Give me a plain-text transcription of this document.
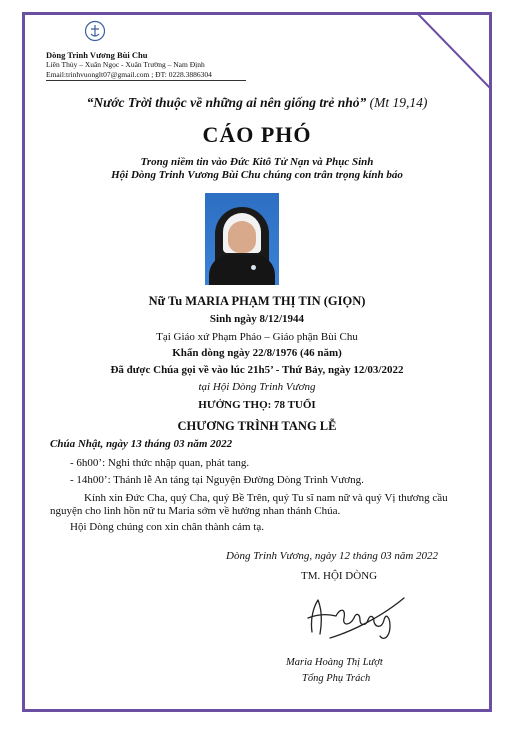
Dòng Trinh Vương Bùi Chu
Liên Thủy – Xuân Ngọc - Xuân Trường – Nam Định
Email:trinhvuonglt07@gmail.com ; ĐT: 0228.3886304
“Nước Trời thuộc về những ai nên giống trẻ nhỏ” (Mt 19,14)
CÁO PHÓ
Trong niềm tin vào Đức Kitô Tử Nạn và Phục Sinh
Hội Dòng Trinh Vương Bùi Chu chúng con trân trọng kính báo
Nữ Tu MARIA PHẠM THỊ TIN (GIỌN)
Sinh ngày 8/12/1944
Tại Giáo xứ Phạm Pháo – Giáo phận Bùi Chu
Khấn dòng ngày 22/8/1976 (46 năm)
Đã được Chúa gọi về vào lúc 21h5’ - Thứ Bảy, ngày 12/03/2022
tại Hội Dòng Trinh Vương
HƯỞNG THỌ: 78 TUỔI
CHƯƠNG TRÌNH TANG LỄ
Chúa Nhật, ngày 13 tháng 03 năm 2022
- 6h00’: Nghi thức nhập quan, phát tang.
- 14h00’: Thánh lễ An táng tại Nguyện Đường Dòng Trinh Vương.
Kính xin Đức Cha, quý Cha, quý Bề Trên, quý Tu sĩ nam nữ và quý Vị thương cầu nguyện cho linh hồn nữ tu Maria sớm về hưởng nhan thánh Chúa.
Hội Dòng chúng con xin chân thành cảm tạ.
Dòng Trinh Vương, ngày 12 tháng 03 năm 2022
TM. HỘI DÒNG
Maria Hoàng Thị Lượt
Tổng Phụ Trách
